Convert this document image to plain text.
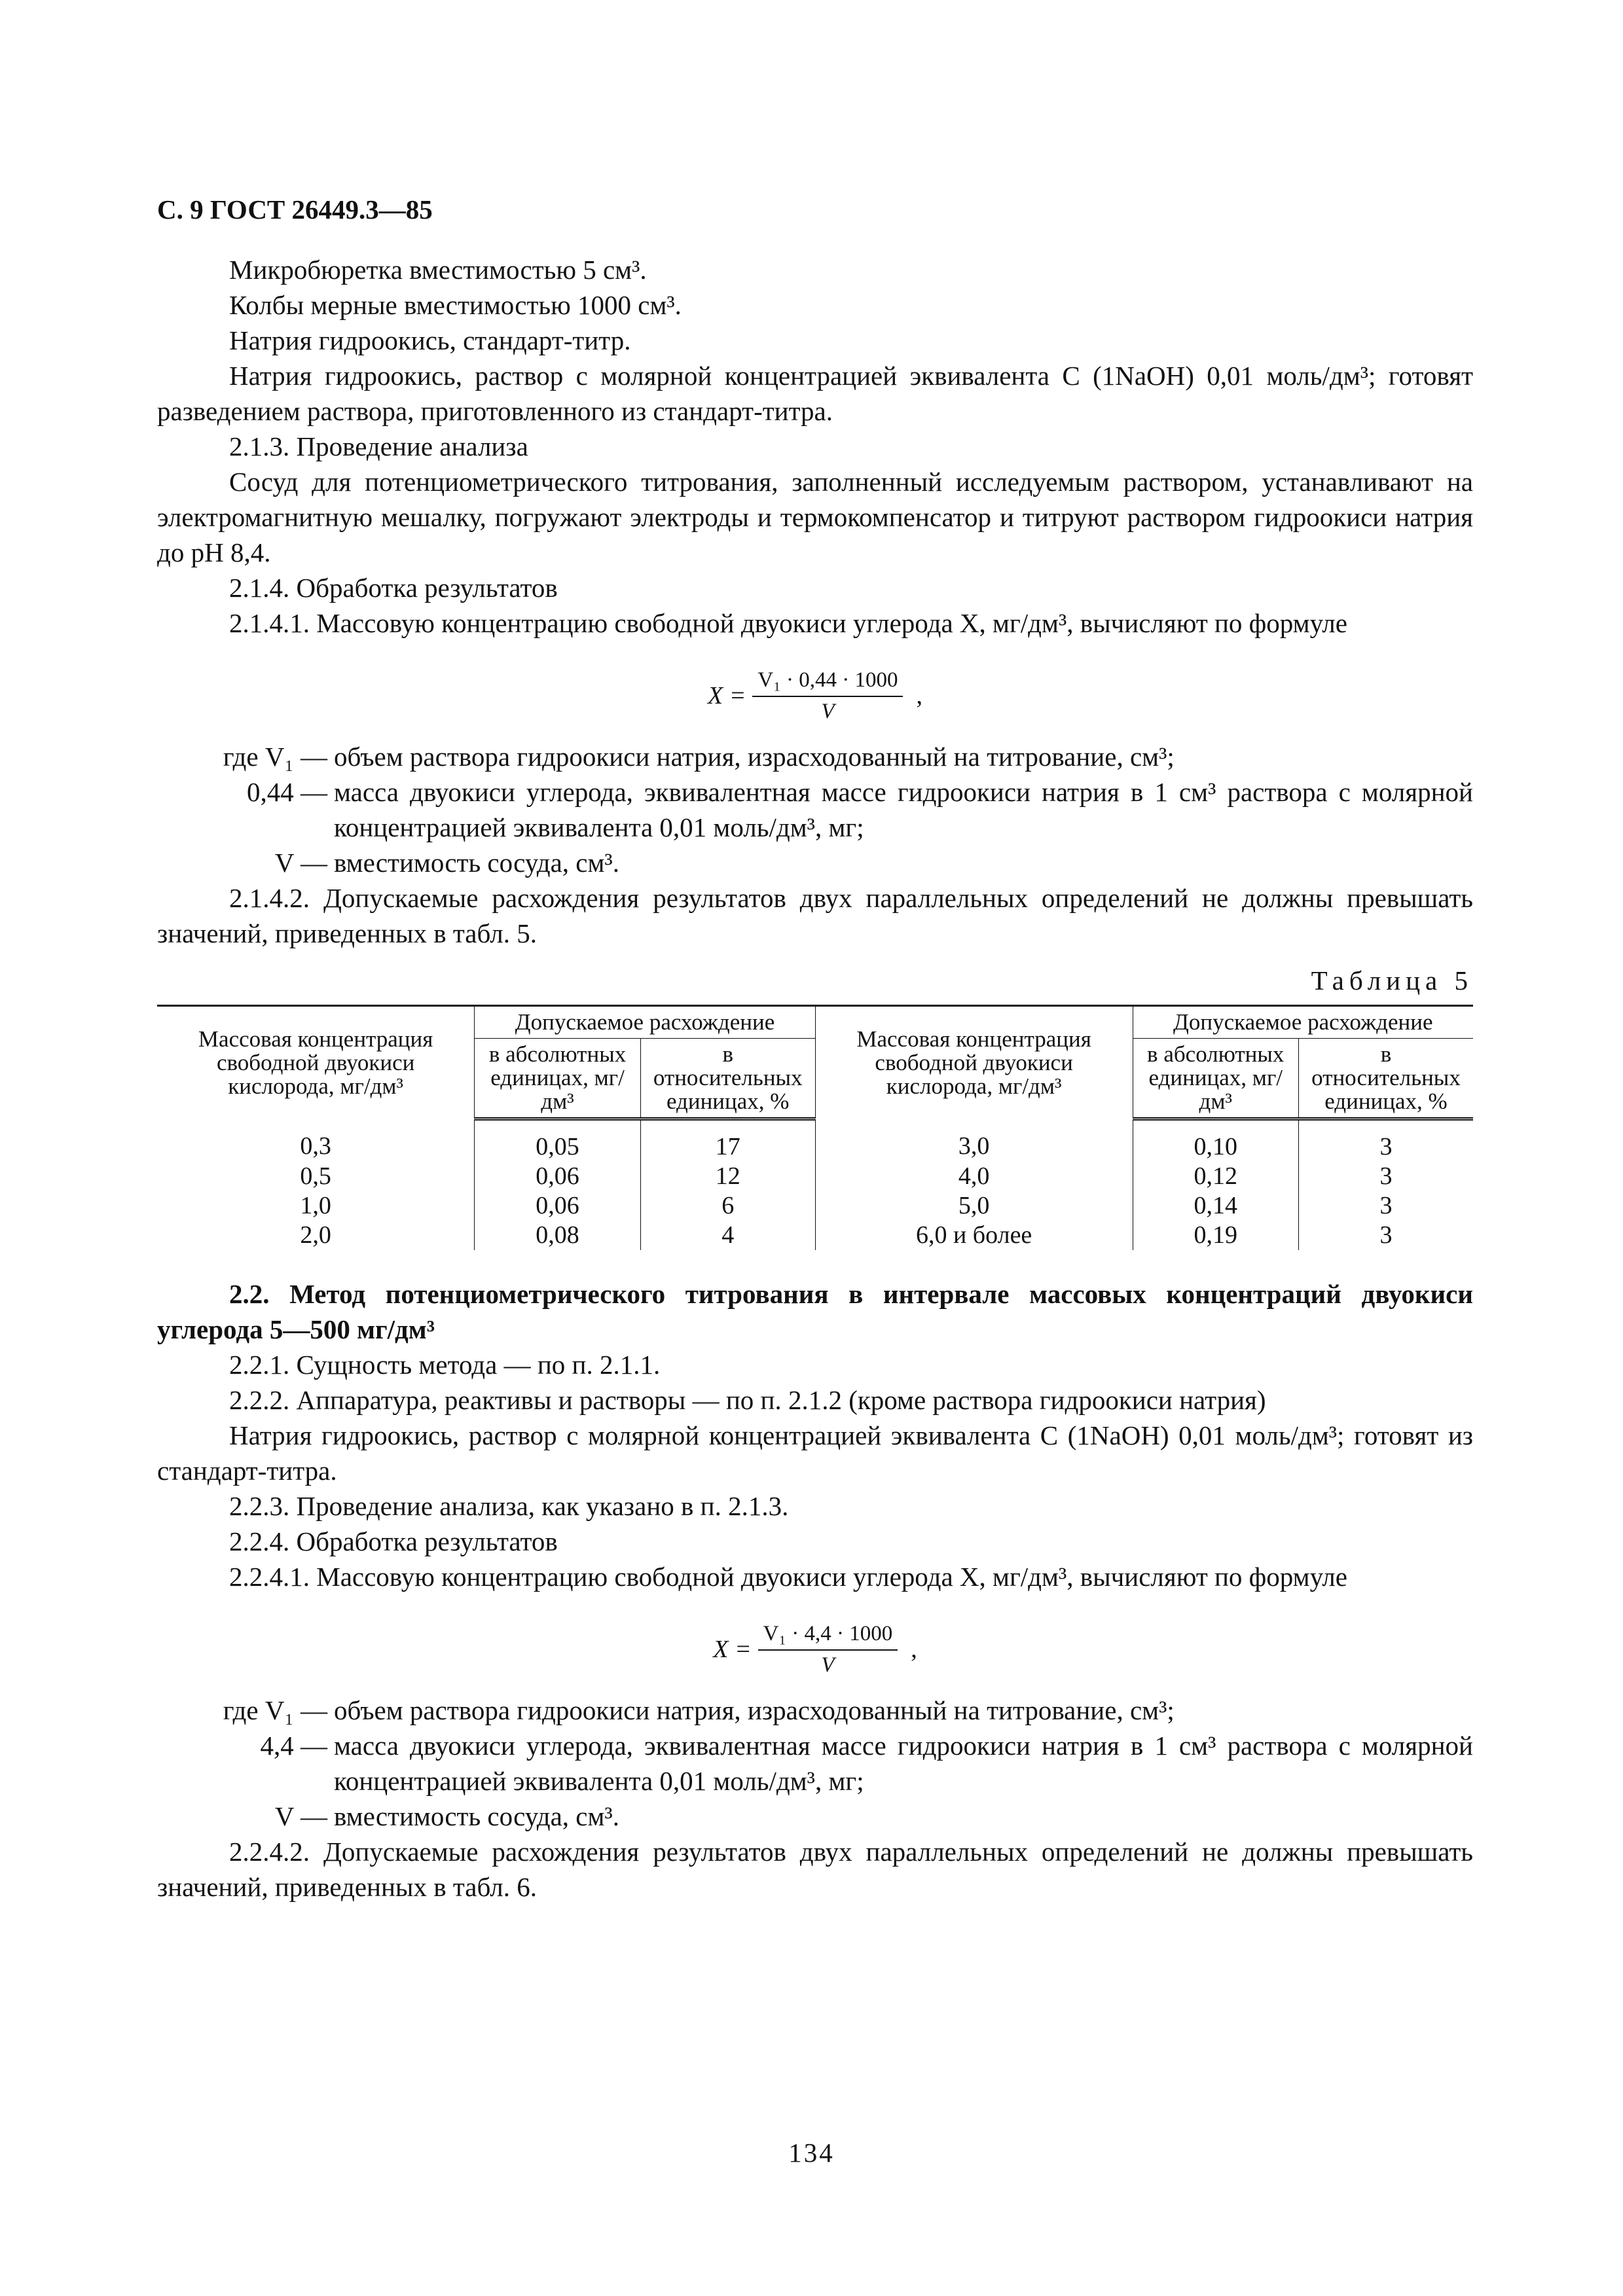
С. 9 ГОСТ 26449.3—85

Микробюретка вместимостью 5 см³.

Колбы мерные вместимостью 1000 см³.

Натрия гидроокись, стандарт-титр.

Натрия гидроокись, раствор с молярной концентрацией эквивалента C (1NaOH) 0,01 моль/дм³; готовят разведением раствора, приготовленного из стандарт-титра.

2.1.3. Проведение анализа

Сосуд для потенциометрического титрования, заполненный исследуемым раствором, устанавливают на электромагнитную мешалку, погружают электроды и термокомпенсатор и титруют раствором гидроокиси натрия до рН 8,4.

2.1.4. Обработка результатов

2.1.4.1. Массовую концентрацию свободной двуокиси углерода X, мг/дм³, вычисляют по формуле

$X = \frac{\text{V₁ · 0,44 · 1000}}{V}$ ,
где V₁ — объем раствора гидроокиси натрия, израсходованный на титрование, см³;
0,44 — масса двуокиси углерода, эквивалентная массе гидроокиси натрия в 1 см³ раствора с молярной концентрацией эквивалента 0,01 моль/дм³, мг;
V — вместимость сосуда, см³.

2.1.4.2. Допускаемые расхождения результатов двух параллельных определений не должны превышать значений, приведенных в табл. 5.

Таблица 5
Массовая концентрация свободной двуокиси кислорода, мг/дм³	Допускаемое расхождение		Массовая концентрация свободной двуокиси кислорода, мг/дм³	Допускаемое расхождение	
	в абсолютных единицах, мг/дм³	в относительных единицах, %		в абсолютных единицах, мг/дм³	в относительных единицах, %
0,3	0,05	17	3,0	0,10	3
0,5	0,06	12	4,0	0,12	3
1,0	0,06	6	5,0	0,14	3
2,0	0,08	4	6,0 и более	0,19	3

2.2. Метод потенциометрического титрования в интервале массовых концентраций двуокиси углерода 5—500 мг/дм³

2.2.1. Сущность метода — по п. 2.1.1.

2.2.2. Аппаратура, реактивы и растворы — по п. 2.1.2 (кроме раствора гидроокиси натрия)

Натрия гидроокись, раствор с молярной концентрацией эквивалента C (1NaOH) 0,01 моль/дм³; готовят из стандарт-титра.

2.2.3. Проведение анализа, как указано в п. 2.1.3.

2.2.4. Обработка результатов

2.2.4.1. Массовую концентрацию свободной двуокиси углерода X, мг/дм³, вычисляют по формуле

$X = \frac{\text{V₁ · 4,4 · 1000}}{V}$ ,
где V₁ — объем раствора гидроокиси натрия, израсходованный на титрование, см³;
4,4 — масса двуокиси углерода, эквивалентная массе гидроокиси натрия в 1 см³ раствора с молярной концентрацией эквивалента 0,01 моль/дм³, мг;
V — вместимость сосуда, см³.

2.2.4.2. Допускаемые расхождения результатов двух параллельных определений не должны превышать значений, приведенных в табл. 6.

134
